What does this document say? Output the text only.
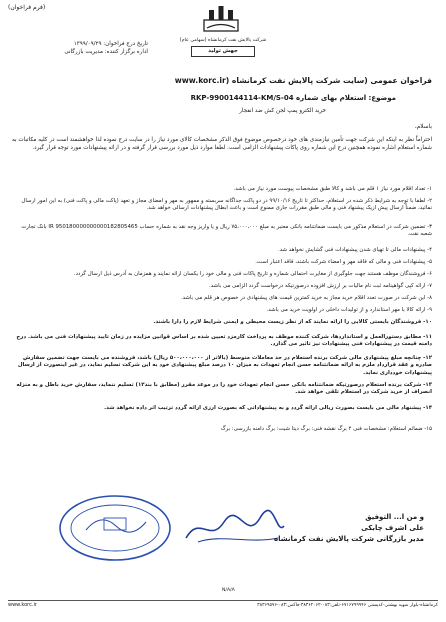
(فرم فراخوان)
شرکت پالایش نفت کرمانشاه (سهامی عام)
جهش تولید
تاریخ درج فراخوان: ۱۳۹۹/۰۹/۲۹
اداره برگزار کننده: مدیریت بازرگانی
فراخوان عمومی (سایت شرکت پالایش نفت کرمانشاه (www.korc.ir
موضوع: استعلام بهای شماره RKP-9900144114-KM/S-04
خرید الکترو پمپ لجن کش ضد انفجار
باسلام،
احتراماً نظر به اینکه این شرکت جهت تأمین نیازمندی های خود درخصوص موضوع فوق الذکر مشخصات کالای مورد نیاز را در سایت درج نموده لذا خواهشمند است در کلیه مکاتبات به شماره استعلام اشاره نموده همچنین درج این شماره روی پاکات پیشنهادات الزامی است. لطفا موارد ذیل مورد بررسی قرار گرفته و در ارائه پیشنهادات مورد توجه قرار گیرد.
۱- تعداد اقلام مورد نیاز ۱ قلم می باشد و کالا طبق مشخصات پیوست مورد نیاز می باشد.
۲- لطفا با توجه به شرایط ذکر شده در استعلام، حداکثر تا تاریخ ۹۹/۱۰/۱۶ در دو پاکت جداگانه سربسته و ممهور به مهر و امضای مجاز و تعهد (پاکت مالی و پاکت فنی) به این امور ارسال نمائید، ضمناً ارسال پیش ازیک پیشنهاد فنی و مالی طبق مقررات جاری ممنوع است و باعث ابطال پیشنهادات ارسالی خواهد شد.
۳- تضمین شرکت در استعلام مذکور می بایست ضمانتنامه بانکی معتبر به مبلغ ۷۵،۰۰۰،۰۰۰ ریال و یا واریز وجه نقد به شماره حساب IR 950180000000000182805465 بانک تجارت شعبه نفت.
۴- پیشنهادات مالی تا تهیای شدن پیشنهادات فنی گشایش نخواهد شد.
۵- پیشنهادات فنی و مالی که فاقد مهر و امضاء شرکت باشند، فاقد اعتبار است.
۶- فروشندگان موظف هستند جهت جلوگیری از مغایرت احتمالی شماره و تاریخ پاکات فنی و مالی خود را یکسان ارائه نمایند و همزمان به آدرس ذیل ارسال گردد.
۷- ارائه کپی گواهینامه ثبت نام مالیات بر ارزش افزوده درصورتیکه درخواست گردد الزامی می باشد.
۸- این شرکت در صورت تعدد اقلام خرید مجاز به خرید کمترین قیمت های پیشنهادی در خصوص هر قلم می باشد.
۹- ارائه کالا با مهر استاندارد و از تولیدات داخلی در اولویت خرید می باشد.
۱۰- فروشندگان بایستی کالایی را ارائه نمایند که از نظر زیست محیطی و ایمنی شرایط لازم را دارا باشند.
۱۱- مطابق دستورالعمل و استانداردها، شرکت کننده موظف به پرداخت کارمزد تعیین شده بر اساس قوانین مزایده در زمان تایید پیشنهادات فنی می باشد. درج دامنه قیمت در پیشنهادات فنی پیشنهادات نیز تاثیر می گذارد.
۱۲- چنانچه مبلغ پیشنهادی مالی شرکت برنده استعلام در حد معاملات متوسط (بالاتر از ۵۰۰،۰۰۰،۰۰۰ ریال) باشد، فروشنده می بایست جهت تضمین سفارش صادره و عقد قرارداد ملزم به ارائه ضمانتنامه حسن انجام تعهدات به میزان ۱۰ درصد مبلغ پیشنهادی خود به این شرکت تسلیم نماید، در غیر اینصورت از ارسال پیشنهادات خودداری نماید.
۱۳- شرکت برنده استعلام درصورتیکه ضمانتنامه بانکی حسن انجام تعهدات خود را در موعد مقرر (مطابق با بند۱۲) تسلیم ننماید، سفارش خرید باطل و به منزله انصراف از خرید شرکت در استعلام تلقی خواهد شد.
۱۴- پیشنهاد مالی می بایست بصورت ریالی ارائه گردد و به پیشنهاداتی که بصورت ارزی ارائه گردد ترتیب اثر داده نخواهد شد.
۱۵- ضمائم استعلام: مشخصات فنی ۲ برگ نقشه فنی: برگ دیتا شیت: برگ دامنه بازرسی: برگ
و من ا... التوفیق
علی اشرف چابکی
مدیر بازرگانی شرکت پالایش نفت کرمانشاه
N/A/A
کرمانشاه-بلوار شهید بهشتی-کدپستی ۶۷۱۶۷۹۹۹۴۶-تلفن:۰۸۳-۳۸۳۶۲۰۶۲-فاکس:۰۸۳-۳۸۳۶۹۵۷۶
www.korc.ir
